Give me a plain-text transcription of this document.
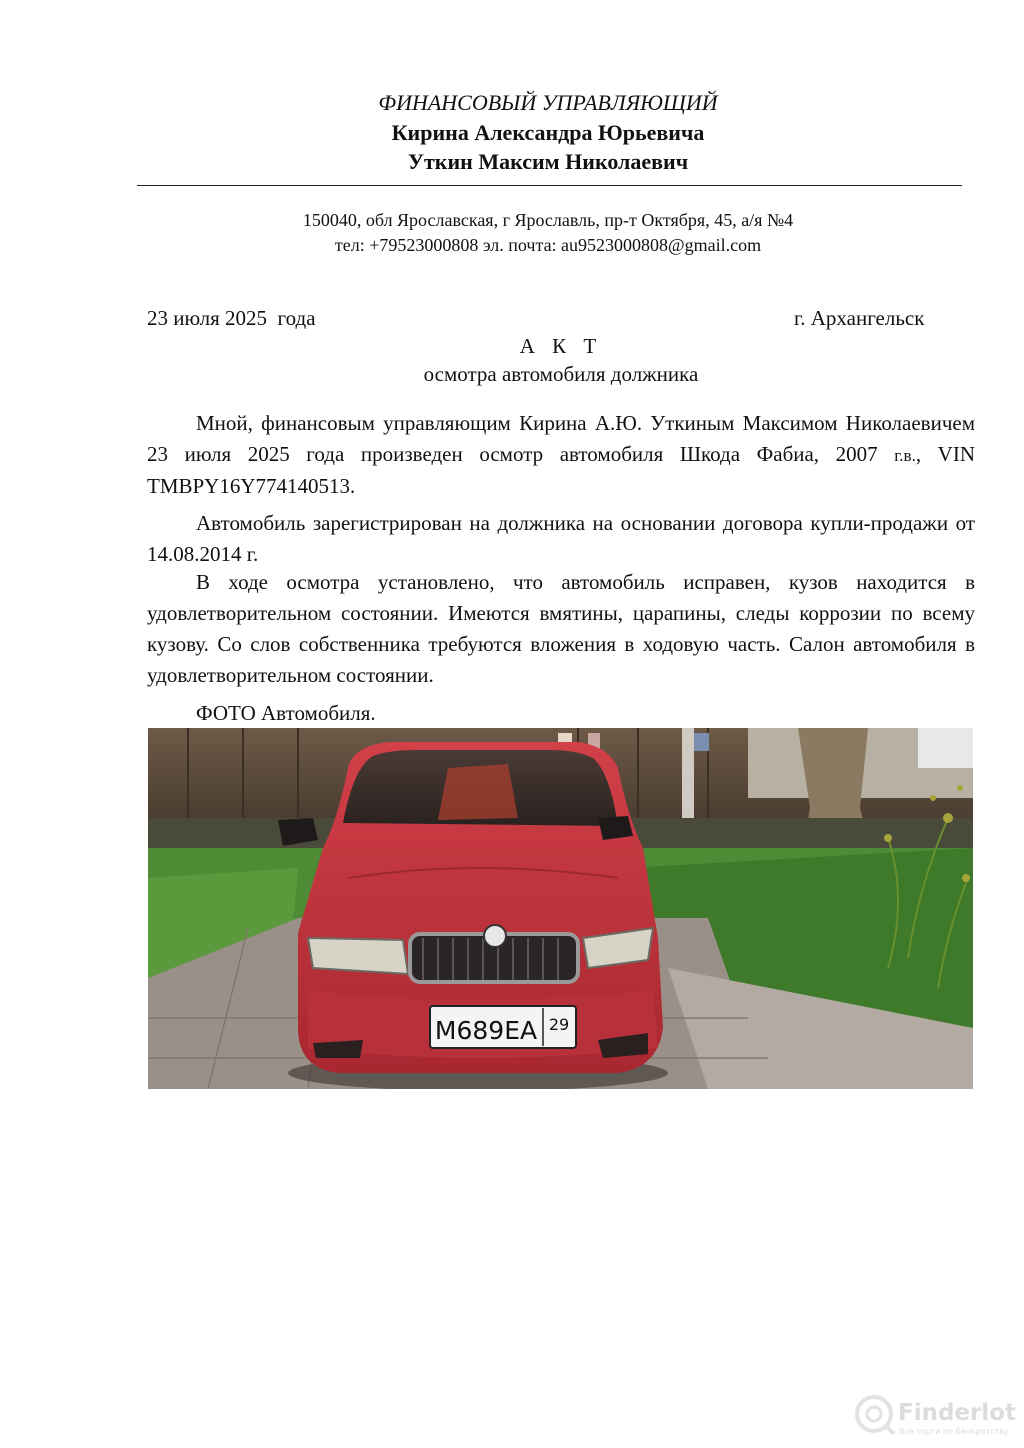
ФИНАНСОВЫЙ УПРАВЛЯЮЩИЙ
Кирина Александра Юрьевича
Уткин Максим Николаевич
150040, обл Ярославская, г Ярославль, пр-т Октября, 45, а/я №4
тел: +79523000808 эл. почта: au9523000808@gmail.com
23 июля 2025  года	г. Архангельск
А К Т
осмотра автомобиля должника

Мной, финансовым управляющим Кирина А.Ю. Уткиным Максимом Николаевичем 23 июля 2025 года произведен осмотр автомобиля Шкода Фабиа, 2007 г.в., VIN TMBPY16Y774140513.

Автомобиль зарегистрирован на должника на основании договора купли-продажи от 14.08.2014 г.

В ходе осмотра установлено, что автомобиль исправен, кузов находится в удовлетворительном состоянии. Имеются вмятины, царапины, следы коррозии по всему кузову. Со слов собственника требуются вложения в ходовую часть. Салон автомобиля в удовлетворительном состоянии.

ФОТО Автомобиля.

М689ЕА 29
Finderlot
Все торги по банкротству
